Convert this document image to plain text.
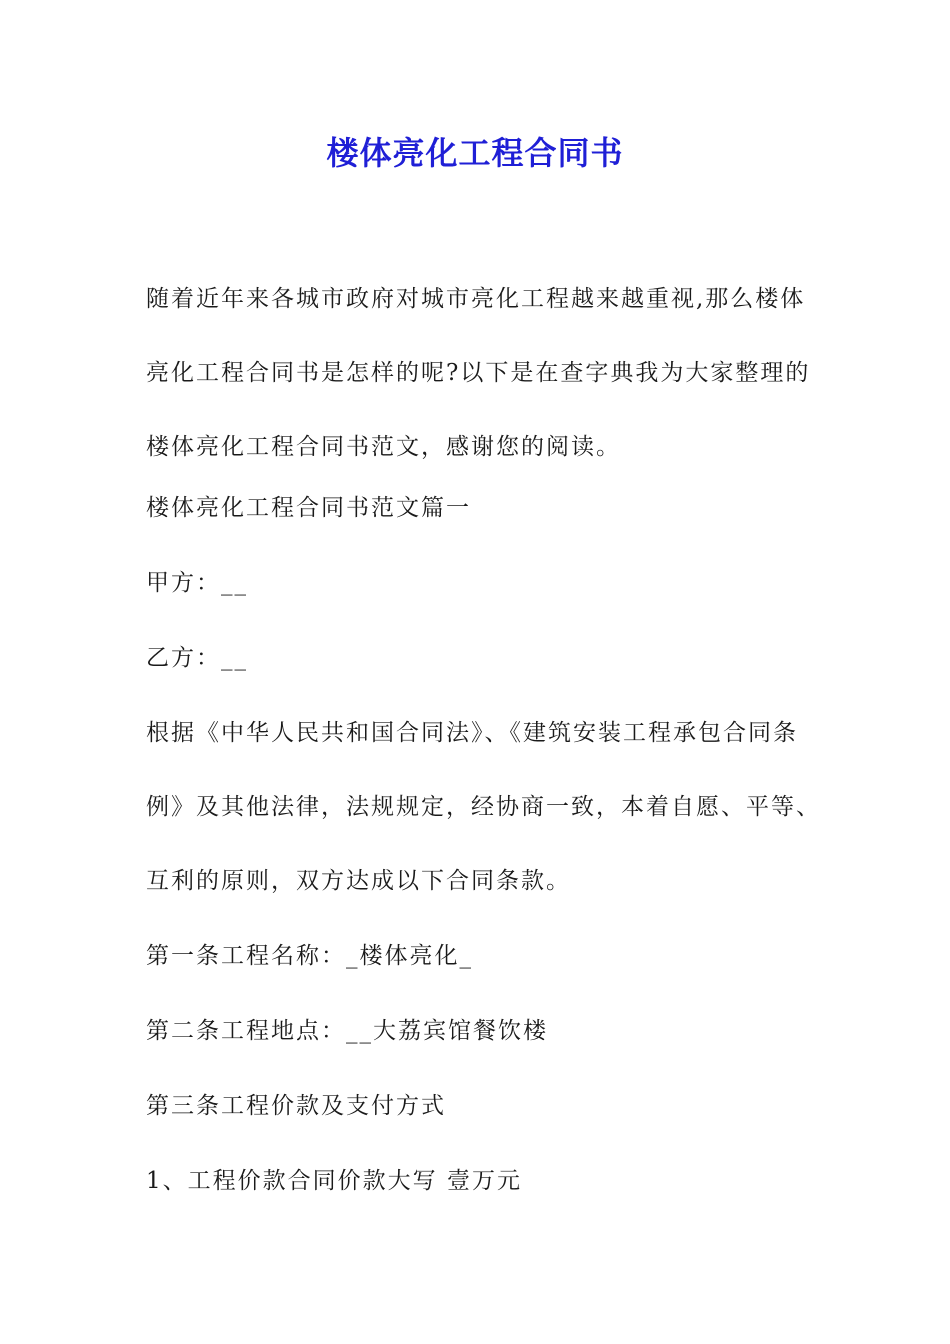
楼体亮化工程合同书
随着近年来各城市政府对城市亮化工程越来越重视,那么楼体亮化工程合同书是怎样的呢?以下是在查字典我为大家整理的楼体亮化工程合同书范文，感谢您的阅读。
楼体亮化工程合同书范文篇一
甲方：__
乙方：__
根据《中华人民共和国合同法》、《建筑安装工程承包合同条例》及其他法律，法规规定，经协商一致，本着自愿、平等、互利的原则，双方达成以下合同条款。
第一条工程名称：_楼体亮化_
第二条工程地点：__大荔宾馆餐饮楼
第三条工程价款及支付方式
1、工程价款合同价款大写 壹万元
